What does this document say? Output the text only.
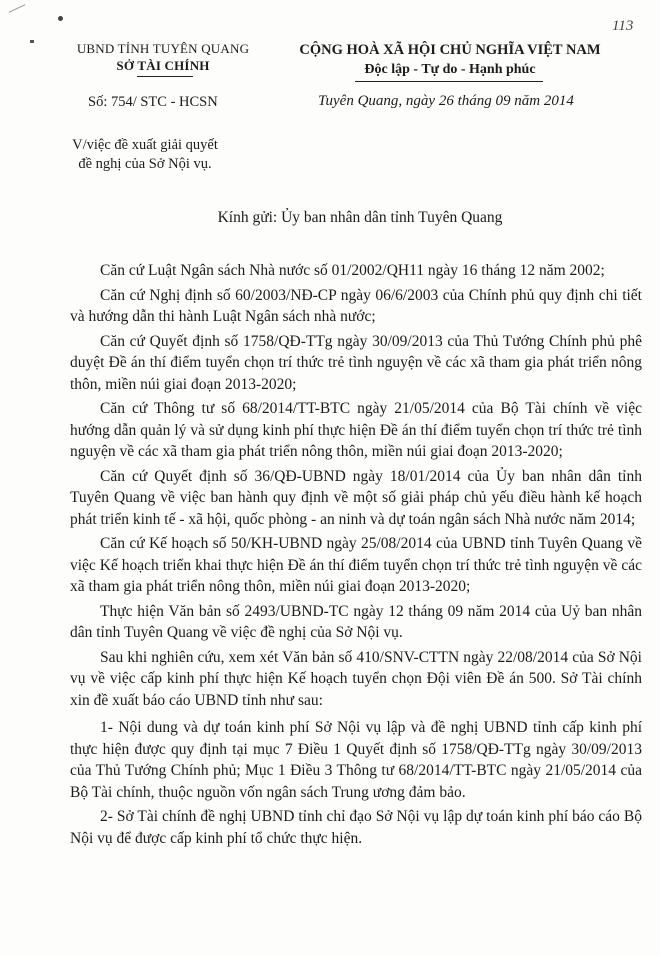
113
UBND TỈNH TUYÊN QUANG
SỞ TÀI CHÍNH
Số: 754/ STC - HCSN
CỘNG HOÀ XÃ HỘI CHỦ NGHĨA VIỆT NAM
Độc lập - Tự do - Hạnh phúc
Tuyên Quang, ngày 26 tháng 09 năm 2014
V/việc đề xuất giải quyết
đề nghị của Sở Nội vụ.
Kính gửi: Ủy ban nhân dân tỉnh Tuyên Quang

Căn cứ Luật Ngân sách Nhà nước số 01/2002/QH11 ngày 16 tháng 12 năm 2002;

Căn cứ Nghị định số 60/2003/NĐ-CP ngày 06/6/2003 của Chính phủ quy định chi tiết và hướng dẫn thi hành Luật Ngân sách nhà nước;

Căn cứ Quyết định số 1758/QĐ-TTg ngày 30/09/2013 của Thủ Tướng Chính phủ phê duyệt Đề án thí điểm tuyển chọn trí thức trẻ tình nguyện về các xã tham gia phát triển nông thôn, miền núi giai đoạn 2013-2020;

Căn cứ Thông tư số 68/2014/TT-BTC ngày 21/05/2014 của Bộ Tài chính về việc hướng dẫn quản lý và sử dụng kinh phí thực hiện Đề án thí điểm tuyển chọn trí thức trẻ tình nguyện về các xã tham gia phát triển nông thôn, miền núi giai đoạn 2013-2020;

Căn cứ Quyết định số 36/QĐ-UBND ngày 18/01/2014 của Ủy ban nhân dân tỉnh Tuyên Quang về việc ban hành quy định về một số giải pháp chủ yếu điều hành kế hoạch phát triển kinh tế - xã hội, quốc phòng - an ninh và dự toán ngân sách Nhà nước năm 2014;

Căn cứ Kế hoạch số 50/KH-UBND ngày 25/08/2014 của UBND tỉnh Tuyên Quang về việc Kế hoạch triển khai thực hiện Đề án thí điểm tuyển chọn trí thức trẻ tình nguyện về các xã tham gia phát triển nông thôn, miền núi giai đoạn 2013-2020;

Thực hiện Văn bản số 2493/UBND-TC ngày 12 tháng 09 năm 2014 của Uỷ ban nhân dân tỉnh Tuyên Quang về việc đề nghị của Sở Nội vụ.

Sau khi nghiên cứu, xem xét Văn bản số 410/SNV-CTTN ngày 22/08/2014 của Sở Nội vụ về việc cấp kinh phí thực hiện Kế hoạch tuyển chọn Đội viên Đề án 500. Sở Tài chính xin đề xuất báo cáo UBND tỉnh như sau:

1- Nội dung và dự toán kinh phí Sở Nội vụ lập và đề nghị UBND tỉnh cấp kinh phí thực hiện được quy định tại mục 7 Điều 1 Quyết định số 1758/QĐ-TTg ngày 30/09/2013 của Thủ Tướng Chính phủ; Mục 1 Điều 3 Thông tư 68/2014/TT-BTC ngày 21/05/2014 của Bộ Tài chính, thuộc nguồn vốn ngân sách Trung ương đảm bảo.

2- Sở Tài chính đề nghị UBND tỉnh chỉ đạo Sở Nội vụ lập dự toán kinh phí báo cáo Bộ Nội vụ để được cấp kinh phí tổ chức thực hiện.
